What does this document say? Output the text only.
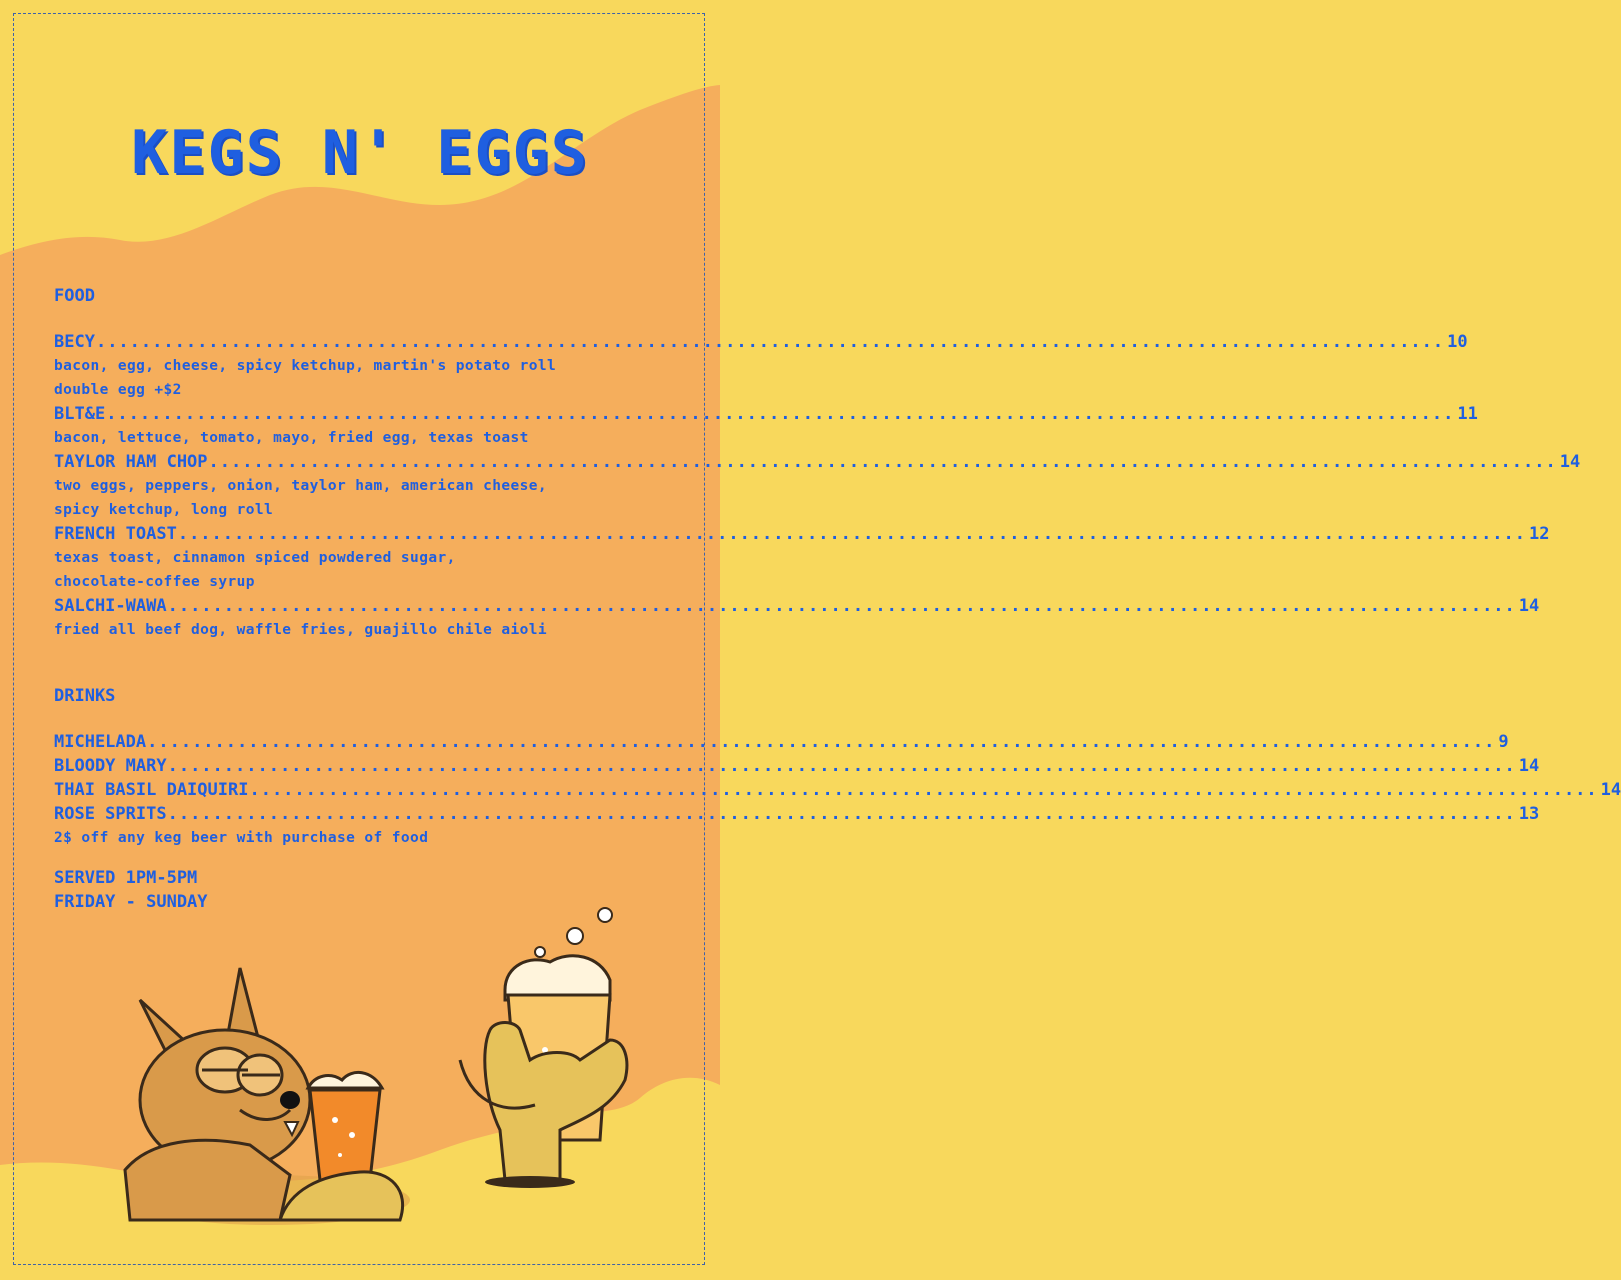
KEGS N' EGGS
FOOD
BECY ........................................................................................................................ 10
bacon, egg, cheese, spicy ketchup, martin's potato roll
double egg +$2
BLT&E ........................................................................................................................ 11
bacon, lettuce, tomato, mayo, fried egg, texas toast
TAYLOR HAM CHOP ........................................................................................................................ 14
two eggs, peppers, onion, taylor ham, american cheese,
spicy ketchup, long roll
FRENCH TOAST ........................................................................................................................ 12
texas toast, cinnamon spiced powdered sugar,
chocolate-coffee syrup
SALCHI-WAWA ........................................................................................................................ 14
fried all beef dog, waffle fries, guajillo chile aioli
DRINKS
MICHELADA ........................................................................................................................ 9
BLOODY MARY ........................................................................................................................ 14
THAI BASIL DAIQUIRI ........................................................................................................................ 14
ROSE SPRITS ........................................................................................................................ 13
2$ off any keg beer with purchase of food
SERVED 1PM-5PM
FRIDAY - SUNDAY
